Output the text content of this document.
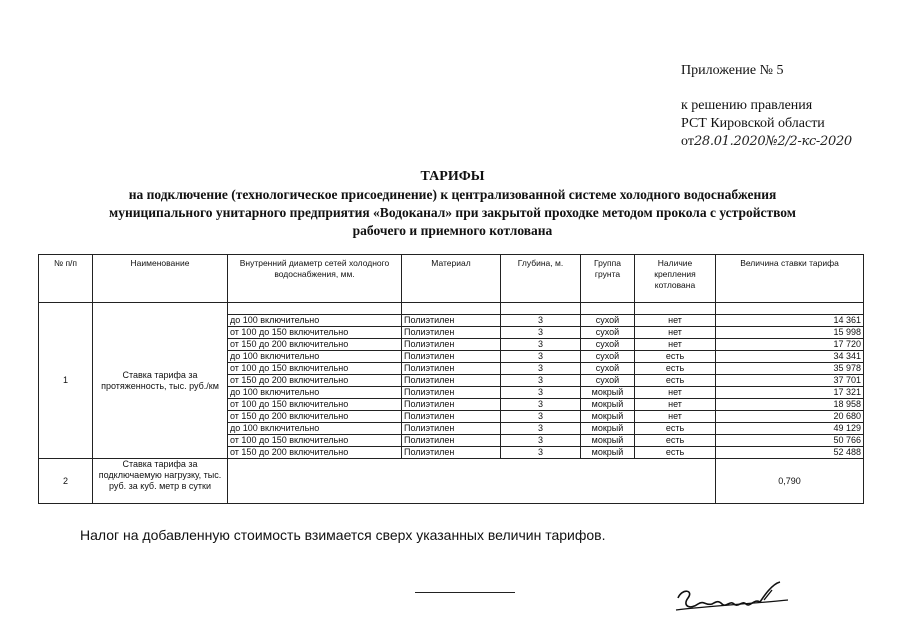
Приложение № 5
к решению правления
РСТ Кировской области
от28.01.2020№2/2-кс-2020
ТАРИФЫ
на подключение (технологическое присоединение) к централизованной системе холодного водоснабжения
муниципального унитарного предприятия «Водоканал» при закрытой проходке методом прокола с устройством
рабочего и приемного котлована
№ п/п	Наименование	Внутренний диаметр сетей холодного водоснабжения, мм.	Материал	Глубина, м.	Группа грунта	Наличие крепления котлована	Величина ставки тарифа
1	Ставка тарифа за протяженность, тыс. руб./км						
		до 100 включительно	Полиэтилен	3	сухой	нет	14 361
		от 100 до 150 включительно	Полиэтилен	3	сухой	нет	15 998
		от 150 до 200 включительно	Полиэтилен	3	сухой	нет	17 720
		до 100 включительно	Полиэтилен	3	сухой	есть	34 341
		от 100 до 150 включительно	Полиэтилен	3	сухой	есть	35 978
		от 150 до 200 включительно	Полиэтилен	3	сухой	есть	37 701
		до 100 включительно	Полиэтилен	3	мокрый	нет	17 321
		от 100 до 150 включительно	Полиэтилен	3	мокрый	нет	18 958
		от 150 до 200 включительно	Полиэтилен	3	мокрый	нет	20 680
		до 100 включительно	Полиэтилен	3	мокрый	есть	49 129
		от 100 до 150 включительно	Полиэтилен	3	мокрый	есть	50 766
		от 150 до 200 включительно	Полиэтилен	3	мокрый	есть	52 488
2	Ставка тарифа за подключаемую нагрузку, тыс. руб. за куб. метр в сутки						0,790
Налог на добавленную стоимость взимается сверх указанных величин тарифов.
